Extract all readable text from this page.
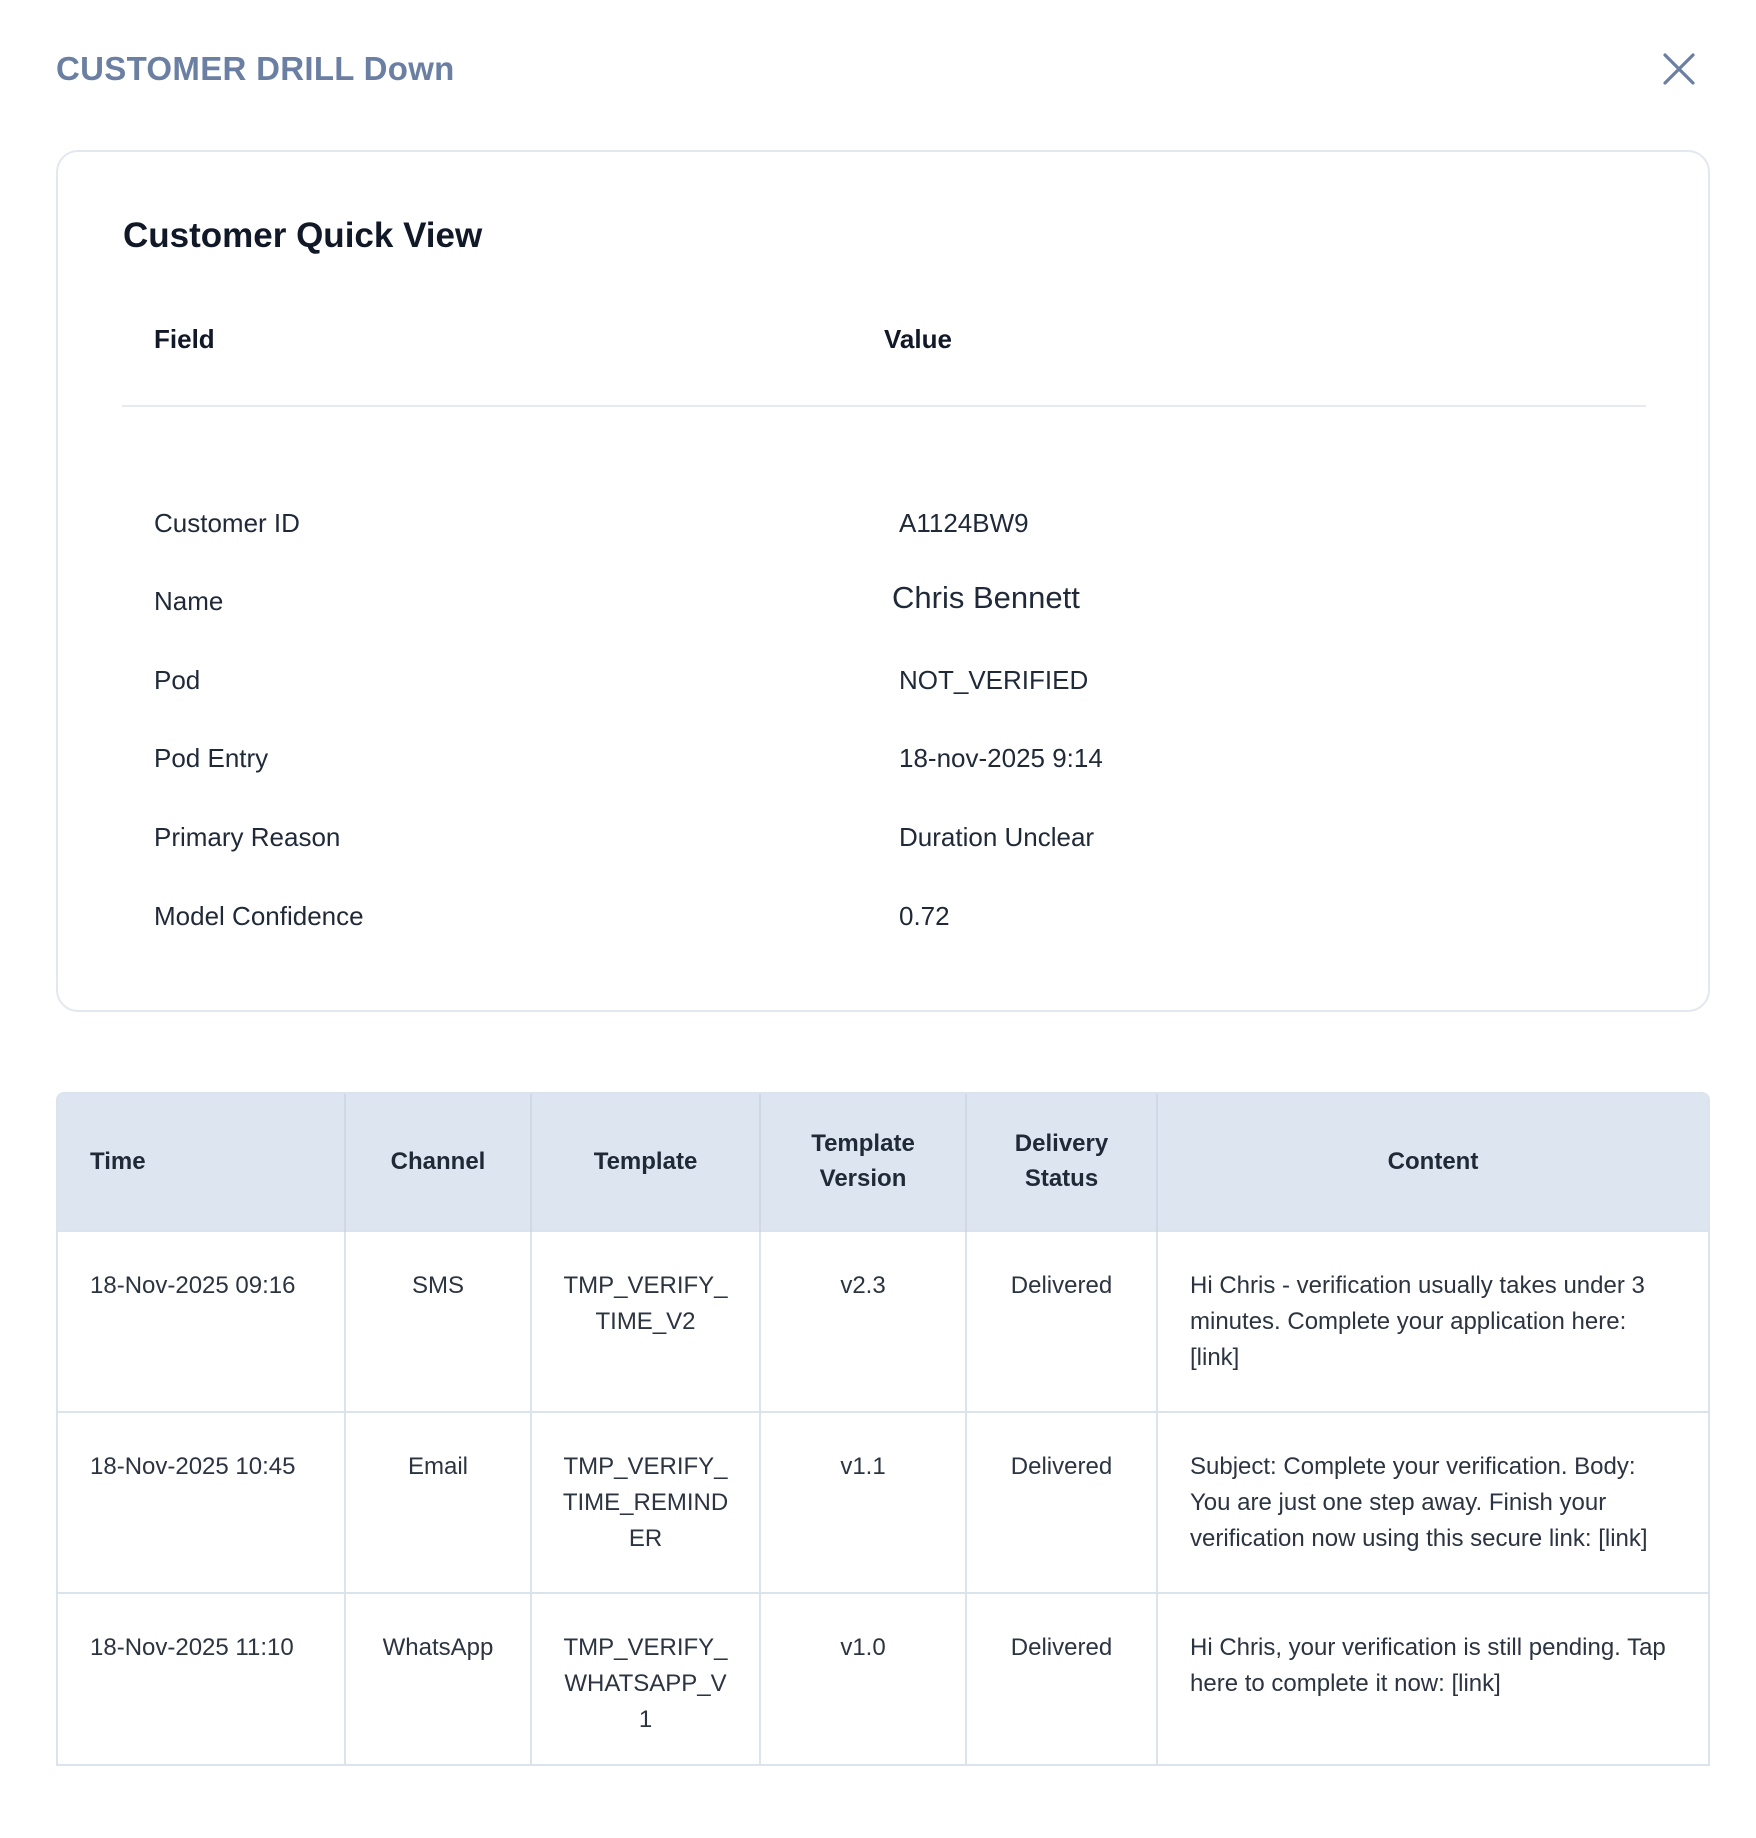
CUSTOMER DRILL Down
Customer Quick View
Field	Value
Customer ID	A1124BW9
Name	Chris Bennett
Pod	NOT_VERIFIED
Pod Entry	18-nov-2025 9:14
Primary Reason	Duration Unclear
Model Confidence	0.72
Time	Channel	Template	Template Version	Delivery Status	Content
18-Nov-2025 09:16	SMS	TMP_VERIFY_TIME_V2	v2.3	Delivered	Hi Chris - verification usually takes under 3 minutes. Complete your application here: [link]
18-Nov-2025 10:45	Email	TMP_VERIFY_TIME_REMINDER	v1.1	Delivered	Subject: Complete your verification. Body: You are just one step away. Finish your verification now using this secure link: [link]
18-Nov-2025 11:10	WhatsApp	TMP_VERIFY_WHATSAPP_V1	v1.0	Delivered	Hi Chris, your verification is still pending. Tap here to complete it now: [link]
